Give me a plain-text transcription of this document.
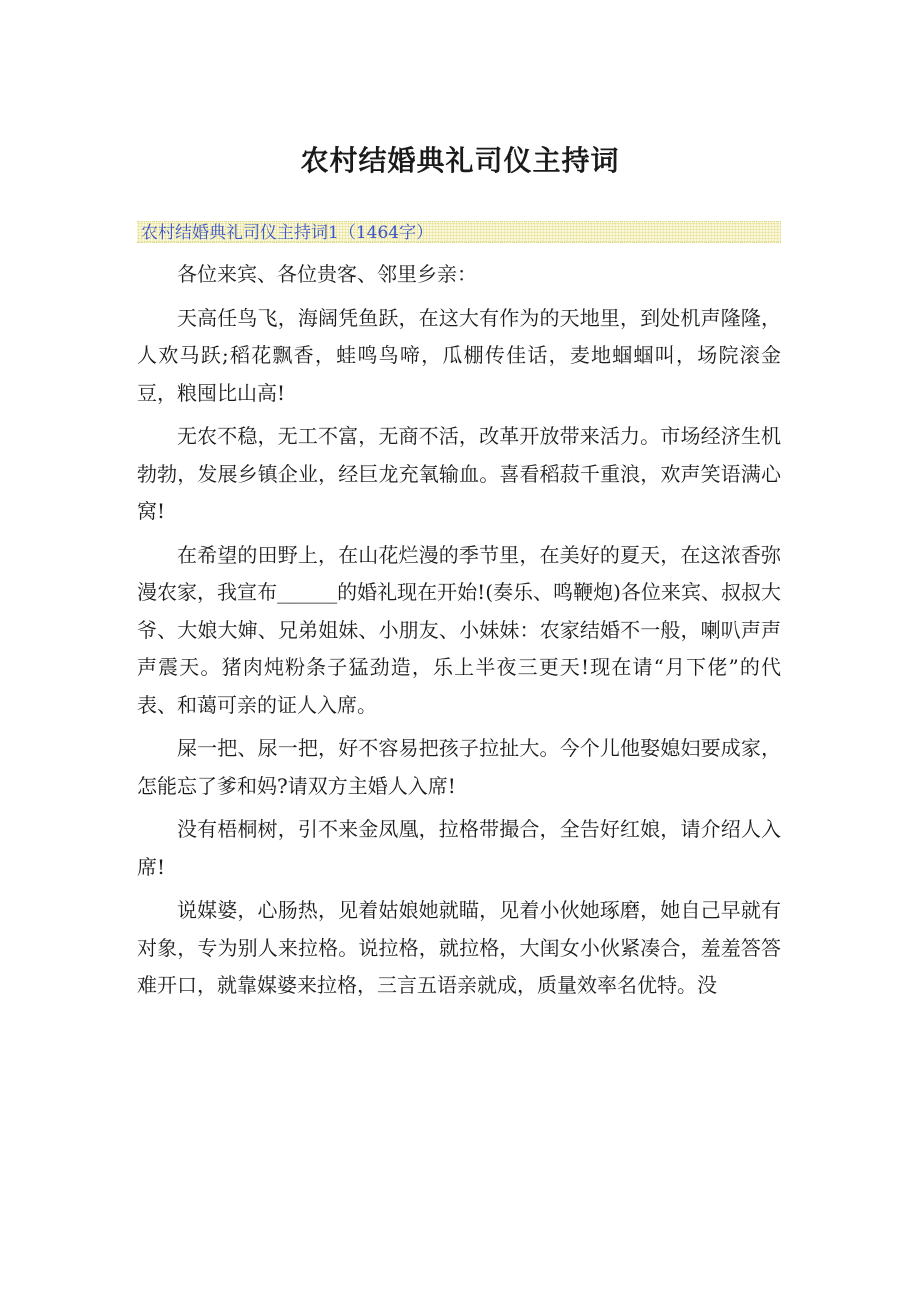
农村结婚典礼司仪主持词
农村结婚典礼司仪主持词1（1464字）

各位来宾、各位贵客、邻里乡亲：

天高任鸟飞，海阔凭鱼跃，在这大有作为的天地里，到处机声隆隆，人欢马跃;稻花飘香，蛙鸣鸟啼，瓜棚传佳话，麦地蝈蝈叫，场院滚金豆，粮囤比山高!

无农不稳，无工不富，无商不活，改革开放带来活力。市场经济生机勃勃，发展乡镇企业，经巨龙充氧输血。喜看稻菽千重浪，欢声笑语满心窝!

在希望的田野上，在山花烂漫的季节里，在美好的夏天，在这浓香弥漫农家，我宣布______的婚礼现在开始!(奏乐、鸣鞭炮)各位来宾、叔叔大爷、大娘大婶、兄弟姐妹、小朋友、小妹妹：农家结婚不一般，喇叭声声声震天。猪肉炖粉条子猛劲造，乐上半夜三更天!现在请“月下佬”的代表、和蔼可亲的证人入席。

屎一把、尿一把，好不容易把孩子拉扯大。今个儿他娶媳妇要成家，怎能忘了爹和妈?请双方主婚人入席!

没有梧桐树，引不来金凤凰，拉格带撮合，全告好红娘，请介绍人入席!

说媒婆，心肠热，见着姑娘她就瞄，见着小伙她琢磨，她自己早就有对象，专为别人来拉格。说拉格，就拉格，大闺女小伙紧凑合，羞羞答答难开口，就靠媒婆来拉格，三言五语亲就成，质量效率名优特。没
